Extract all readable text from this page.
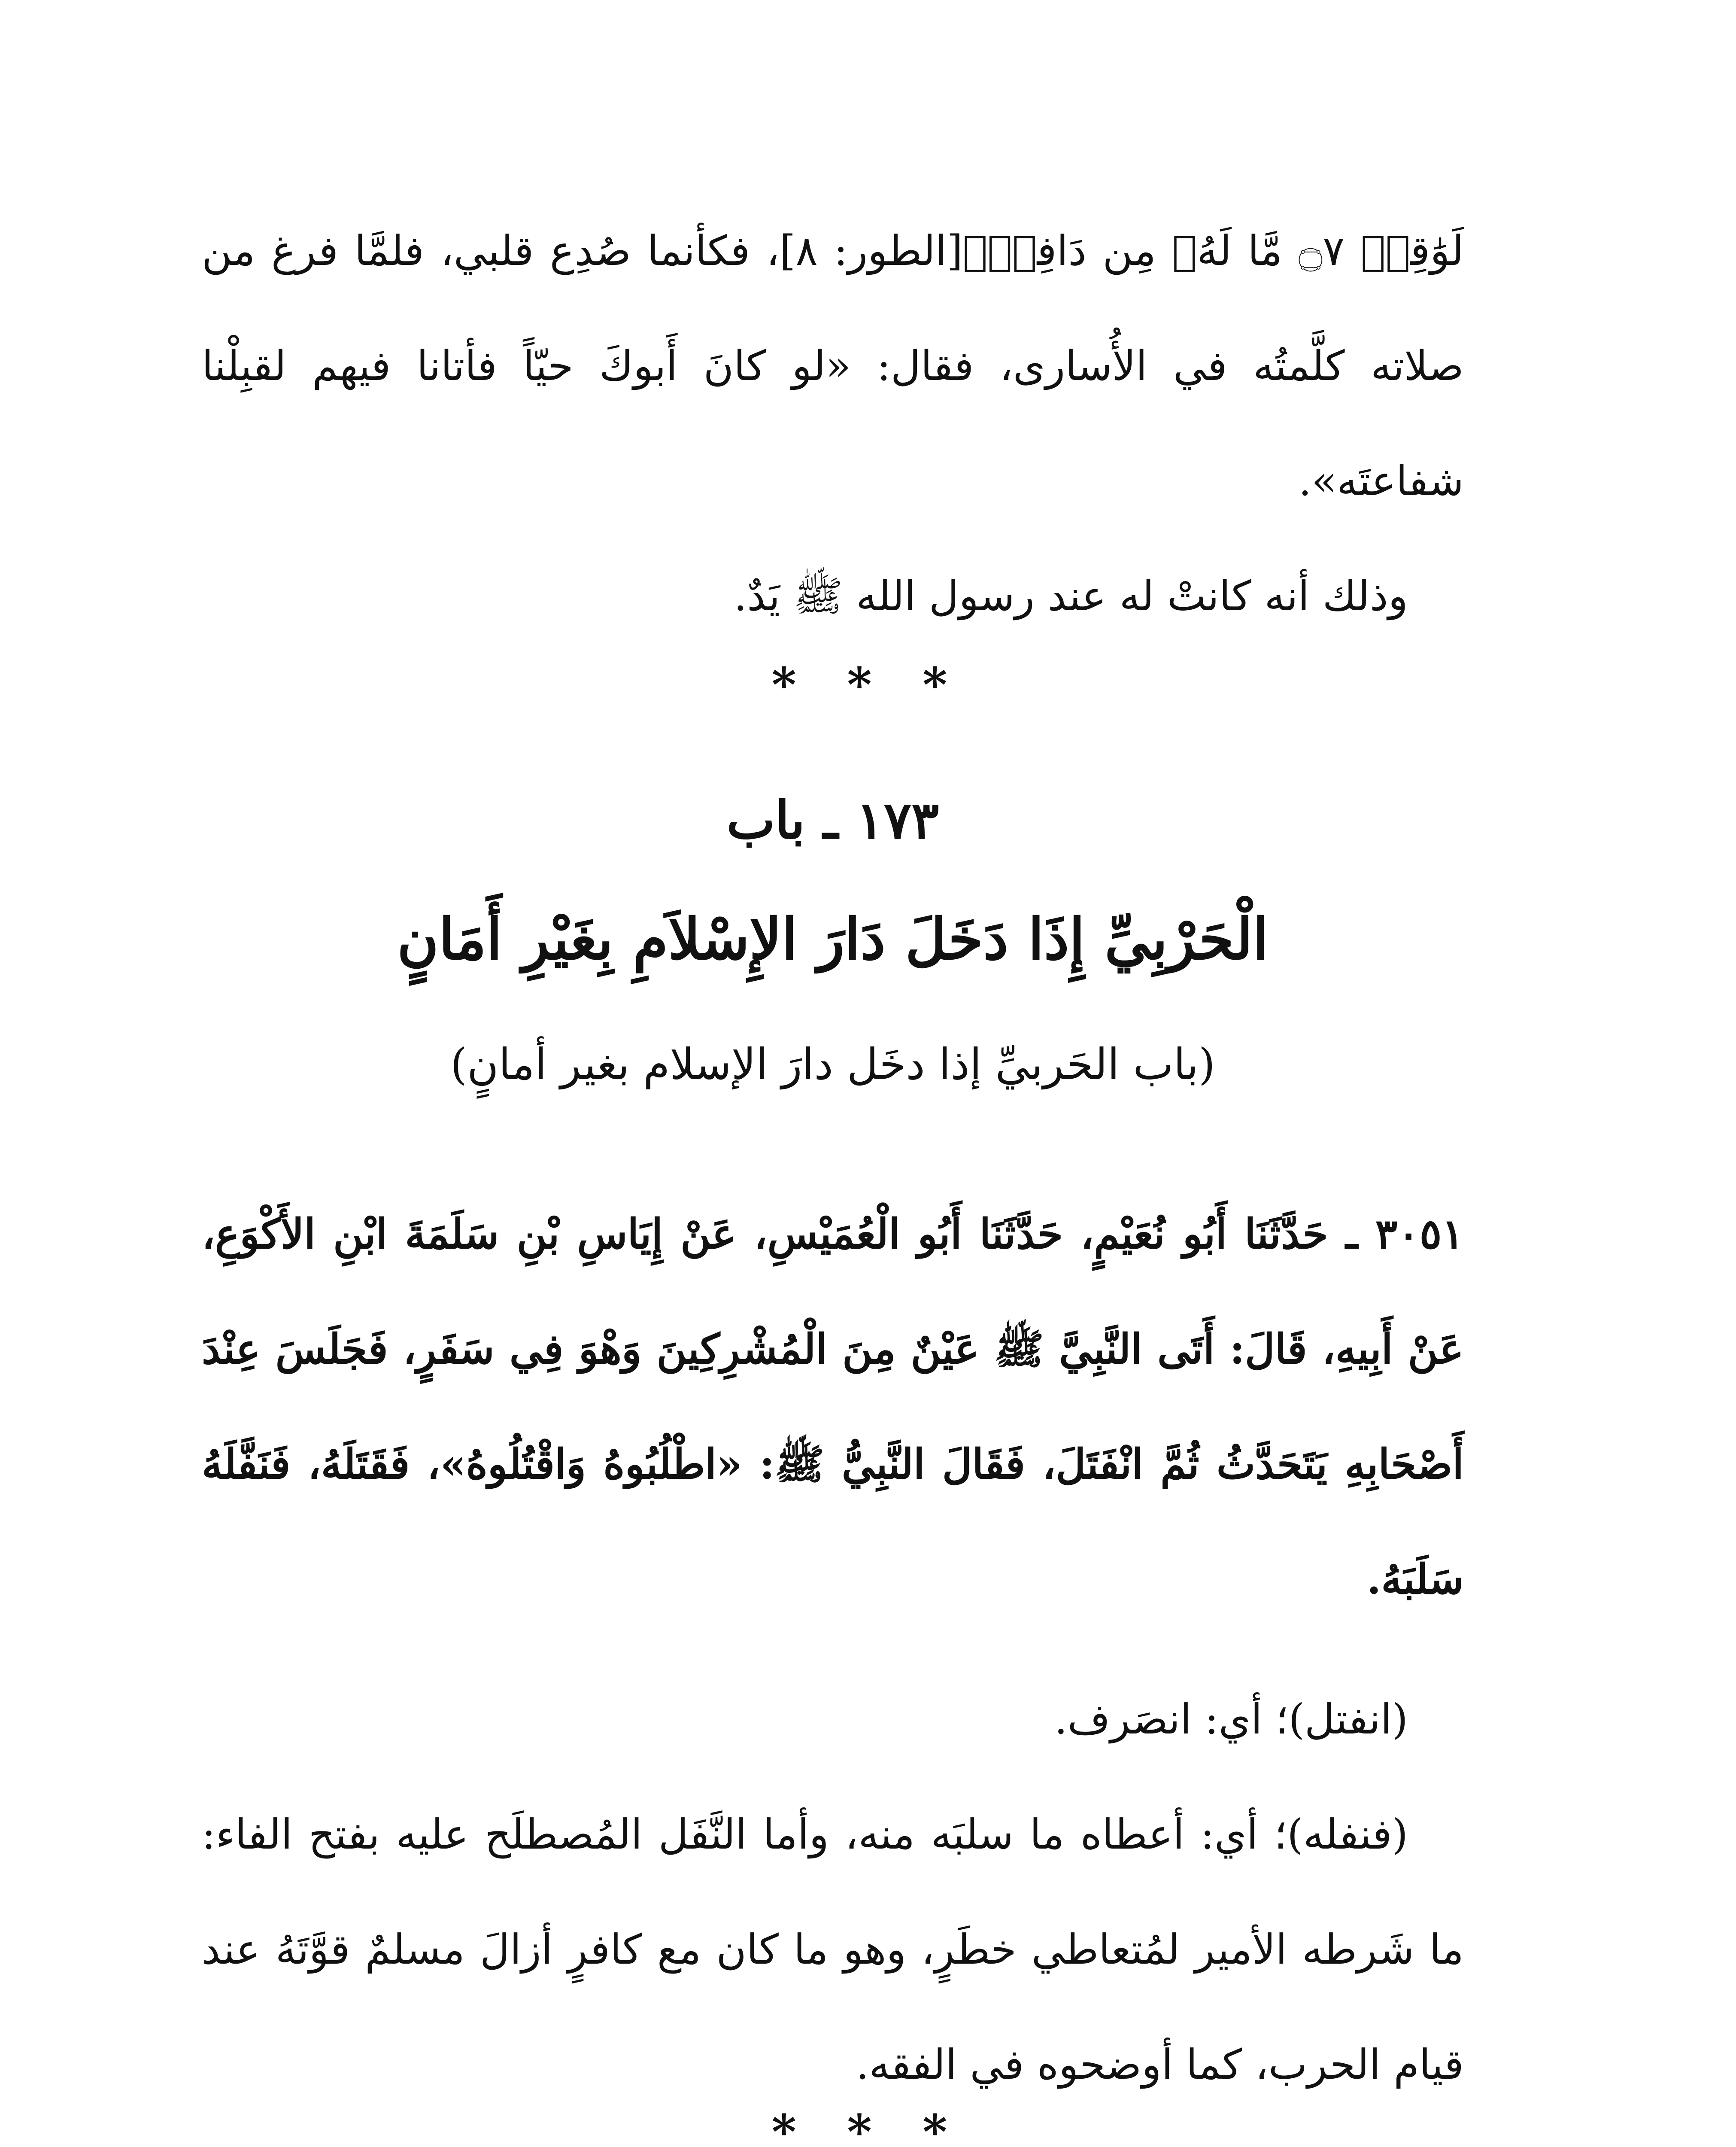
لَوَٰقِعٞ ۝٧ مَّا لَهُۥ مِن دَافِعٖ﴾[الطور: ٨]، فكأنما صُدِع قلبي، فلمَّا فرغ من صلاته كلَّمتُه في الأُسارى، فقال: «لو كانَ أَبوكَ حيّاً فأتانا فيهم لقبِلْنا شفاعتَه».

وذلك أنه كانتْ له عند رسول الله ﷺ يَدٌ.

* * *
١٧٣ ـ باب
الْحَرْبِيِّ إِذَا دَخَلَ دَارَ الإِسْلاَمِ بِغَيْرِ أَمَانٍ
(باب الحَربيِّ إذا دخَل دارَ الإسلام بغير أمانٍ)

٣٠٥١ ـ حَدَّثَنَا أَبُو نُعَيْمٍ، حَدَّثَنَا أَبُو الْعُمَيْسِ، عَنْ إِيَاسِ بْنِ سَلَمَةَ ابْنِ الأَكْوَعِ، عَنْ أَبِيهِ، قَالَ: أَتَى النَّبِيَّ ﷺ عَيْنٌ مِنَ الْمُشْرِكِينَ وَهْوَ فِي سَفَرٍ، فَجَلَسَ عِنْدَ أَصْحَابِهِ يَتَحَدَّثُ ثُمَّ انْفَتَلَ، فَقَالَ النَّبِيُّ ﷺ: «اطْلُبُوهُ وَاقْتُلُوهُ»، فَقَتَلَهُ، فَنَفَّلَهُ سَلَبَهُ.

(انفتل)؛ أي: انصَرف.

(فنفله)؛ أي: أعطاه ما سلبَه منه، وأما النَّفَل المُصطلَح عليه بفتح الفاء: ما شَرطه الأمير لمُتعاطي خطَرٍ، وهو ما كان مع كافرٍ أزالَ مسلمٌ قوَّتَهُ عند قيام الحرب، كما أوضحوه في الفقه.

* * *
